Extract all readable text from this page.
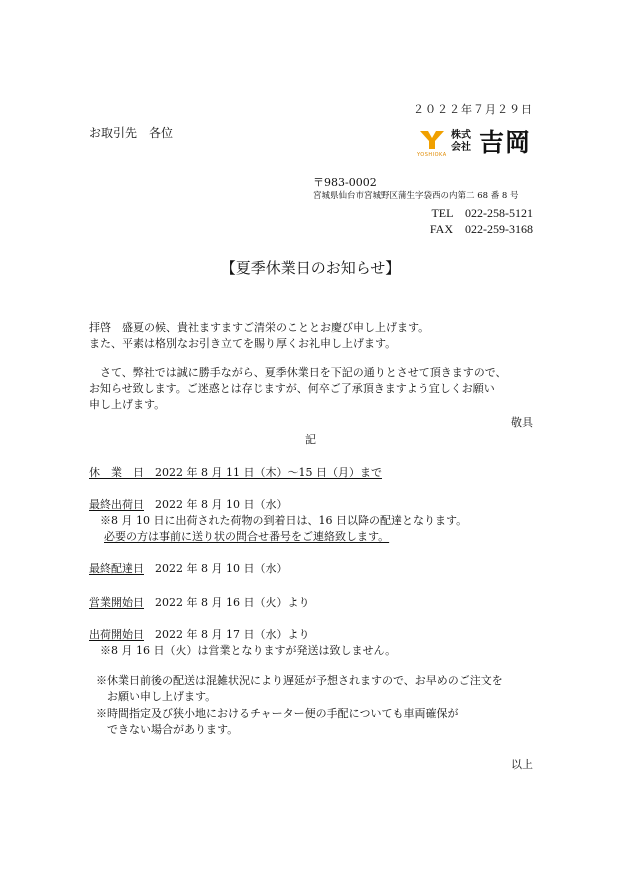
２０２２年７月２９日
お取引先　各位
YOSHIOKA
株式会社 吉岡
〒983-0002
宮城県仙台市宮城野区蒲生字袋西の内第二 68 番 8 号
TEL　022-258-5121
FAX　022-259-3168
【夏季休業日のお知らせ】
拝啓　盛夏の候、貴社ますますご清栄のこととお慶び申し上げます。
また、平素は格別なお引き立てを賜り厚くお礼申し上げます。
　さて、弊社では誠に勝手ながら、夏季休業日を下記の通りとさせて頂きますので、
お知らせ致します。ご迷惑とは存じますが、何卒ご了承頂きますよう宜しくお願い
申し上げます。
敬具
記
休　業　日　2022 年 8 月 11 日（木）～15 日（月）まで
最終出荷日　2022 年 8 月 10 日（水）
　※8 月 10 日に出荷された荷物の到着日は、16 日以降の配達となります。
必要の方は事前に送り状の問合せ番号をご連絡致します。
最終配達日　2022 年 8 月 10 日（水）
営業開始日　2022 年 8 月 16 日（火）より
出荷開始日　2022 年 8 月 17 日（水）より
　※8 月 16 日（火）は営業となりますが発送は致しません。
※休業日前後の配送は混雑状況により遅延が予想されますので、お早めのご注文を
　お願い申し上げます。
※時間指定及び狭小地におけるチャーター便の手配についても車両確保が
　できない場合があります。
以上
